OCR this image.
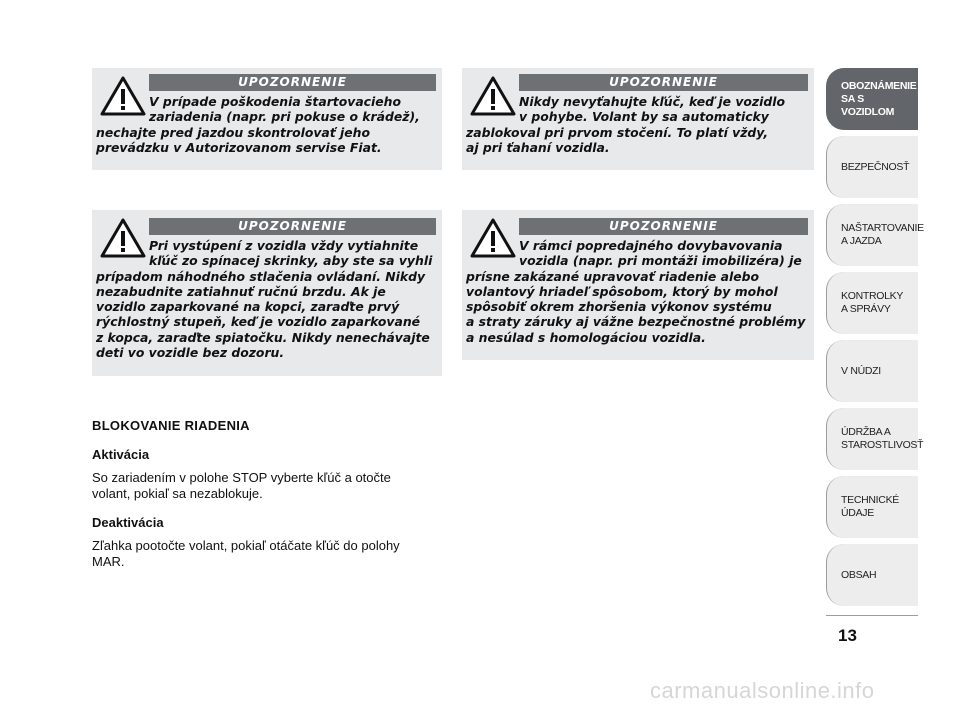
UPOZORNENIE
V prípade poškodenia štartovacieho
zariadenia (napr. pri pokuse o krádež),
nechajte pred jazdou skontrolovať jeho
prevádzku v Autorizovanom servise Fiat.
UPOZORNENIE
Nikdy nevyťahujte kľúč, keď je vozidlo
v pohybe. Volant by sa automaticky
zablokoval pri prvom stočení. To platí vždy,
aj pri ťahaní vozidla.
UPOZORNENIE
Pri vystúpení z vozidla vždy vytiahnite
kľúč zo spínacej skrinky, aby ste sa vyhli
prípadom náhodného stlačenia ovládaní. Nikdy
nezabudnite zatiahnuť ručnú brzdu. Ak je
vozidlo zaparkované na kopci, zaraďte prvý
rýchlostný stupeň, keď je vozidlo zaparkované
z kopca, zaraďte spiatočku. Nikdy nenechávajte
deti vo vozidle bez dozoru.
UPOZORNENIE
V rámci popredajného dovybavovania
vozidla (napr. pri montáži imobilizéra) je
prísne zakázané upravovať riadenie alebo
volantový hriadeľ spôsobom, ktorý by mohol
spôsobiť okrem zhoršenia výkonov systému
a straty záruky aj vážne bezpečnostné problémy
a nesúlad s homologáciou vozidla.
BLOKOVANIE RIADENIA
Aktivácia

So zariadením v polohe STOP vyberte kľúč a otočte
volant, pokiaľ sa nezablokuje.

Deaktivácia

Zľahka pootočte volant, pokiaľ otáčate kľúč do polohy
MAR.

OBOZNÁMENIE
SA S VOZIDLOM
BEZPEČNOSŤ
NAŠTARTOVANIE
A JAZDA
KONTROLKY
A SPRÁVY
V NÚDZI
ÚDRŽBA A
STAROSTLIVOSŤ
TECHNICKÉ
ÚDAJE
OBSAH
13
carmanualsonline.info
